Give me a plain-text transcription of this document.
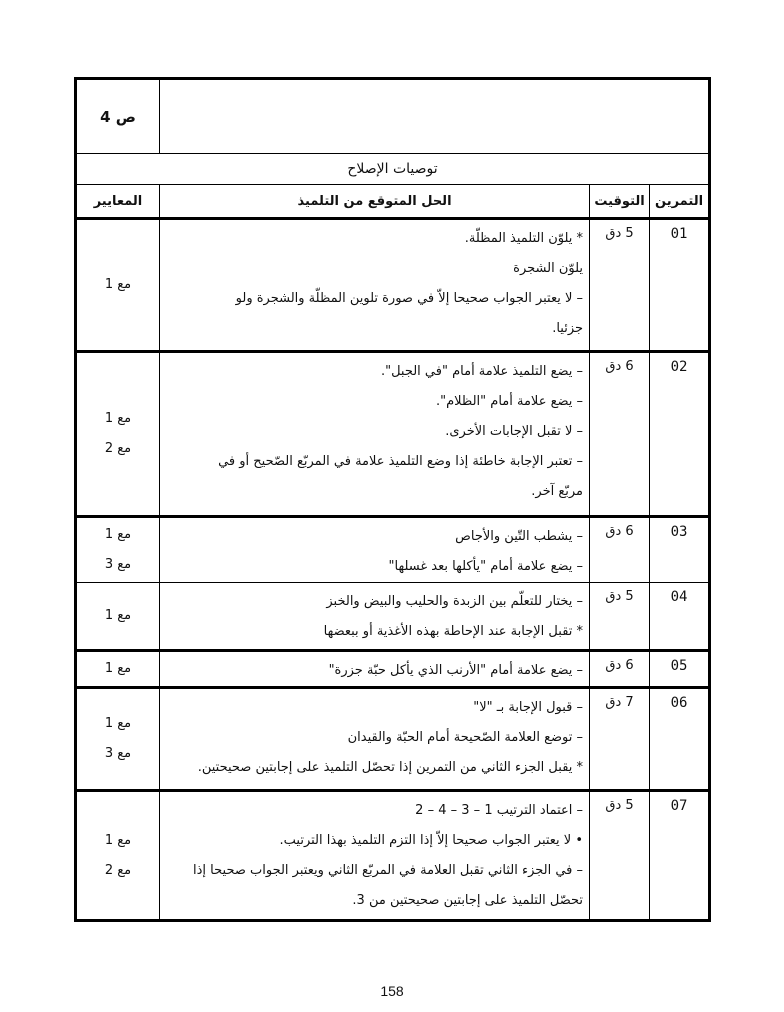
			ص 4
توصيات الإصلاح			
التمرين	التوقيت	الحل المتوقع من التلميذ	المعايير
01	5 دق	* يلوّن التلميذ المظلّة.
يلوّن الشجرة
– لا يعتبر الجواب صحيحا إلاّ في صورة تلوين المظلّة والشجرة ولو
جزئيا.	مع 1

02	6 دق	– يضع التلميذ علامة أمام "في الجبل".
– يضع علامة أمام "الظلام".
– لا تقبل الإجابات الأخرى.
– تعتبر الإجابة خاطئة إذا وضع التلميذ علامة في المربّع الصّحيح أو في
مربّع آخر.	مع 1
مع 2

03	6 دق	– يشطب التّين والأجاص
– يضع علامة أمام "يأكلها بعد غسلها"	مع 1
مع 3

04	5 دق	– يختار للتعلّم بين الزبدة والحليب والبيض والخبز
* تقبل الإجابة عند الإحاطة بهذه الأغذية أو ببعضها	مع 1

05	6 دق	– يضع علامة أمام "الأرنب الذي يأكل حبّة جزرة"	مع 1

06	7 دق	– قبول الإجابة بـ "لا"
– توضع العلامة الصّحيحة أمام الحبّة والقيدان
* يقبل الجزء الثاني من التمرين إذا تحصّل التلميذ على إجابتين صحيحتين.	مع 1
مع 3

07	5 دق	– اعتماد الترتيب 1 – 3 – 4 – 2
• لا يعتبر الجواب صحيحا إلاّ إذا التزم التلميذ بهذا الترتيب.
– في الجزء الثاني تقبل العلامة في المربّع الثاني ويعتبر الجواب صحيحا إذا
تحصّل التلميذ على إجابتين صحيحتين من 3.	مع 1
مع 2
158
